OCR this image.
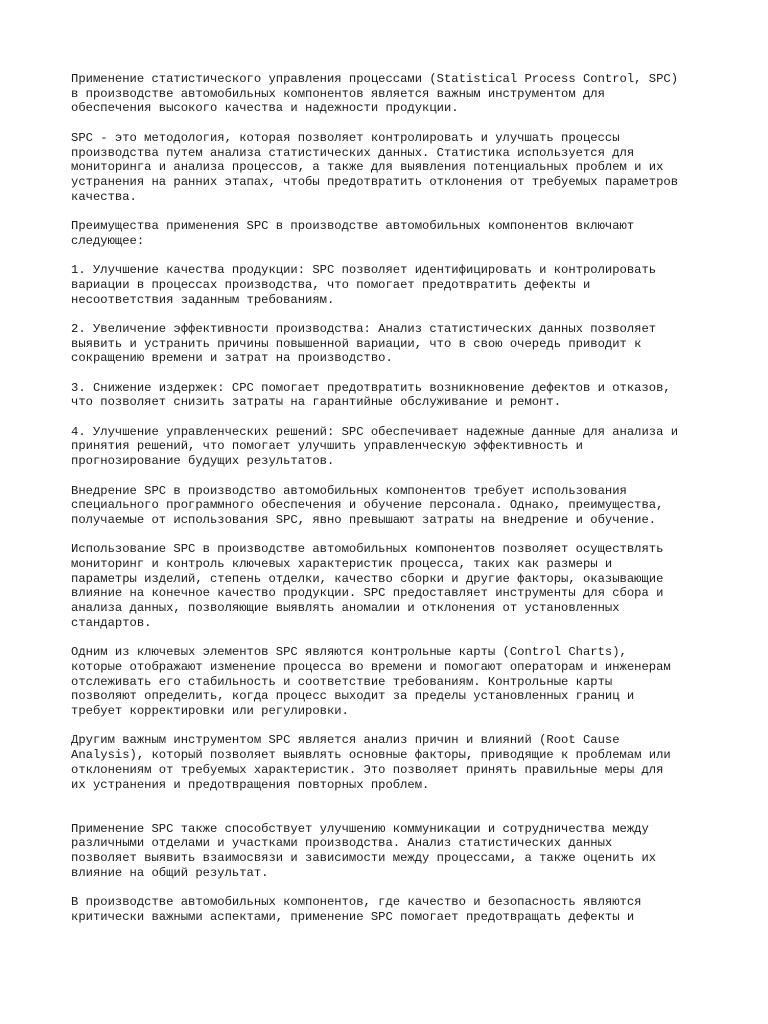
Применение статистического управления процессами (Statistical Process Control, SPC)
в производстве автомобильных компонентов является важным инструментом для
обеспечения высокого качества и надежности продукции.

SPC - это методология, которая позволяет контролировать и улучшать процессы
производства путем анализа статистических данных. Статистика используется для
мониторинга и анализа процессов, а также для выявления потенциальных проблем и их
устранения на ранних этапах, чтобы предотвратить отклонения от требуемых параметров
качества.

Преимущества применения SPC в производстве автомобильных компонентов включают
следующее:

1. Улучшение качества продукции: SPC позволяет идентифицировать и контролировать
вариации в процессах производства, что помогает предотвратить дефекты и
несоответствия заданным требованиям.

2. Увеличение эффективности производства: Анализ статистических данных позволяет
выявить и устранить причины повышенной вариации, что в свою очередь приводит к
сокращению времени и затрат на производство.

3. Снижение издержек: СРС помогает предотвратить возникновение дефектов и отказов,
что позволяет снизить затраты на гарантийные обслуживание и ремонт.

4. Улучшение управленческих решений: SPC обеспечивает надежные данные для анализа и
принятия решений, что помогает улучшить управленческую эффективность и
прогнозирование будущих результатов.

Внедрение SPC в производство автомобильных компонентов требует использования
специального программного обеспечения и обучение персонала. Однако, преимущества,
получаемые от использования SPC, явно превышают затраты на внедрение и обучение.

Использование SPC в производстве автомобильных компонентов позволяет осуществлять
мониторинг и контроль ключевых характеристик процесса, таких как размеры и
параметры изделий, степень отделки, качество сборки и другие факторы, оказывающие
влияние на конечное качество продукции. SPC предоставляет инструменты для сбора и
анализа данных, позволяющие выявлять аномалии и отклонения от установленных
стандартов.

Одним из ключевых элементов SPC являются контрольные карты (Control Charts),
которые отображают изменение процесса во времени и помогают операторам и инженерам
отслеживать его стабильность и соответствие требованиям. Контрольные карты
позволяют определить, когда процесс выходит за пределы установленных границ и
требует корректировки или регулировки.

Другим важным инструментом SPC является анализ причин и влияний (Root Cause
Analysis), который позволяет выявлять основные факторы, приводящие к проблемам или
отклонениям от требуемых характеристик. Это позволяет принять правильные меры для
их устранения и предотвращения повторных проблем.

Применение SPC также способствует улучшению коммуникации и сотрудничества между
различными отделами и участками производства. Анализ статистических данных
позволяет выявить взаимосвязи и зависимости между процессами, а также оценить их
влияние на общий результат.

В производстве автомобильных компонентов, где качество и безопасность являются
критически важными аспектами, применение SPC помогает предотвращать дефекты и
